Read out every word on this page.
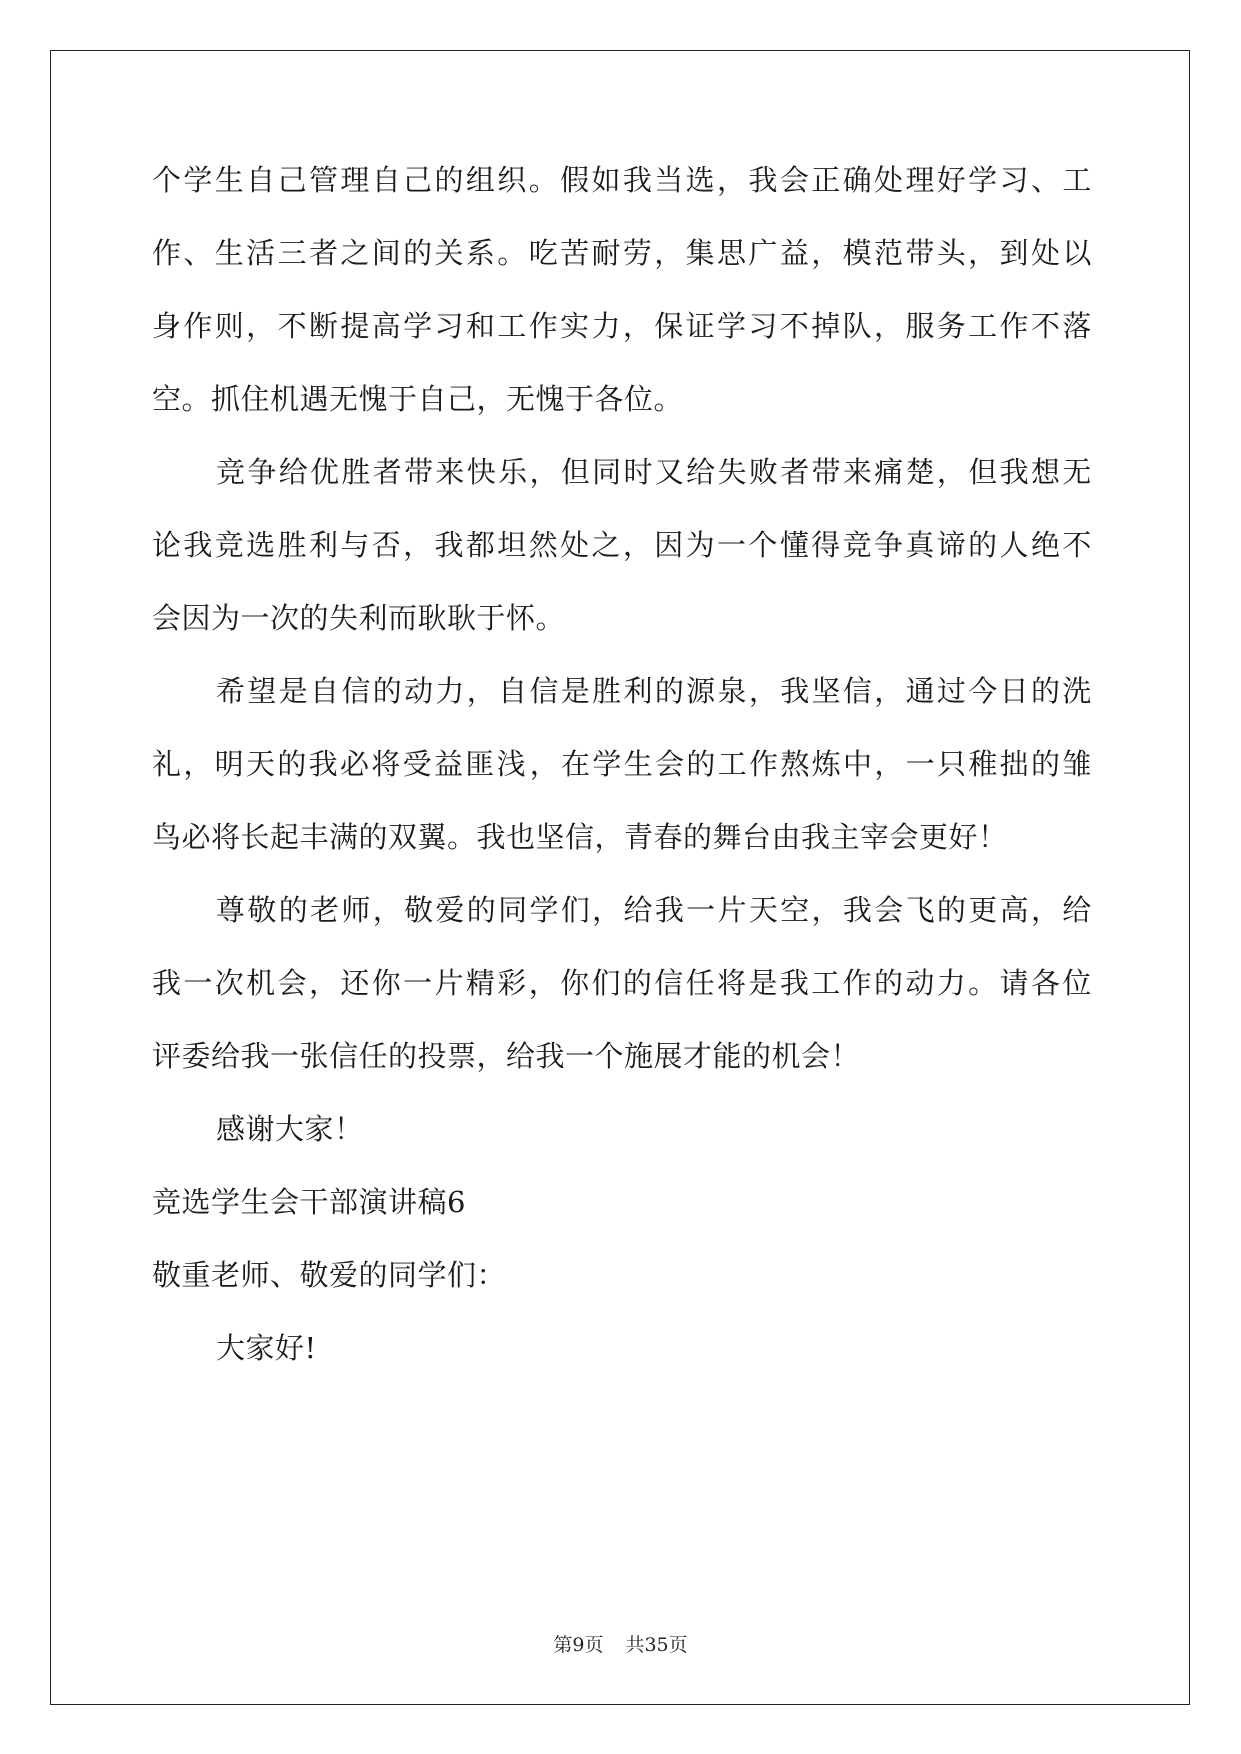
个 学 生 自 己 管 理 自 己 的 组 织 。 假 如 我 当 选 ， 我 会 正 确 处 理 好 学 习 、 工
作 、 生 活 三 者 之 间 的 关 系 。 吃 苦 耐 劳 ， 集 思 广 益 ， 模 范 带 头 ， 到 处 以
身 作 则 ， 不 断 提 高 学 习 和 工 作 实 力 ， 保 证 学 习 不 掉 队 ， 服 务 工 作 不 落
空。抓住机遇无愧于自己，无愧于各位。
竞 争 给 优 胜 者 带 来 快 乐 ， 但 同 时 又 给 失 败 者 带 来 痛 楚 ， 但 我 想 无
论 我 竞 选 胜 利 与 否 ， 我 都 坦 然 处 之 ， 因 为 一 个 懂 得 竞 争 真 谛 的 人 绝 不
会因为一次的失利而耿耿于怀。
希 望 是 自 信 的 动 力 ， 自 信 是 胜 利 的 源 泉 ， 我 坚 信 ， 通 过 今 日 的 洗
礼 ， 明 天 的 我 必 将 受 益 匪 浅 ， 在 学 生 会 的 工 作 熬 炼 中 ， 一 只 稚 拙 的 雏
鸟必将长起丰满的双翼。我也坚信，青春的舞台由我主宰会更好！
尊 敬 的 老 师 ， 敬 爱 的 同 学 们 ， 给 我 一 片 天 空 ， 我 会 飞 的 更 高 ， 给
我 一 次 机 会 ， 还 你 一 片 精 彩 ， 你 们 的 信 任 将 是 我 工 作 的 动 力 。 请 各 位
评委给我一张信任的投票，给我一个施展才能的机会！
感谢大家！
竞选学生会干部演讲稿6
敬重老师、敬爱的同学们：
大家好!
第9页 共35页
